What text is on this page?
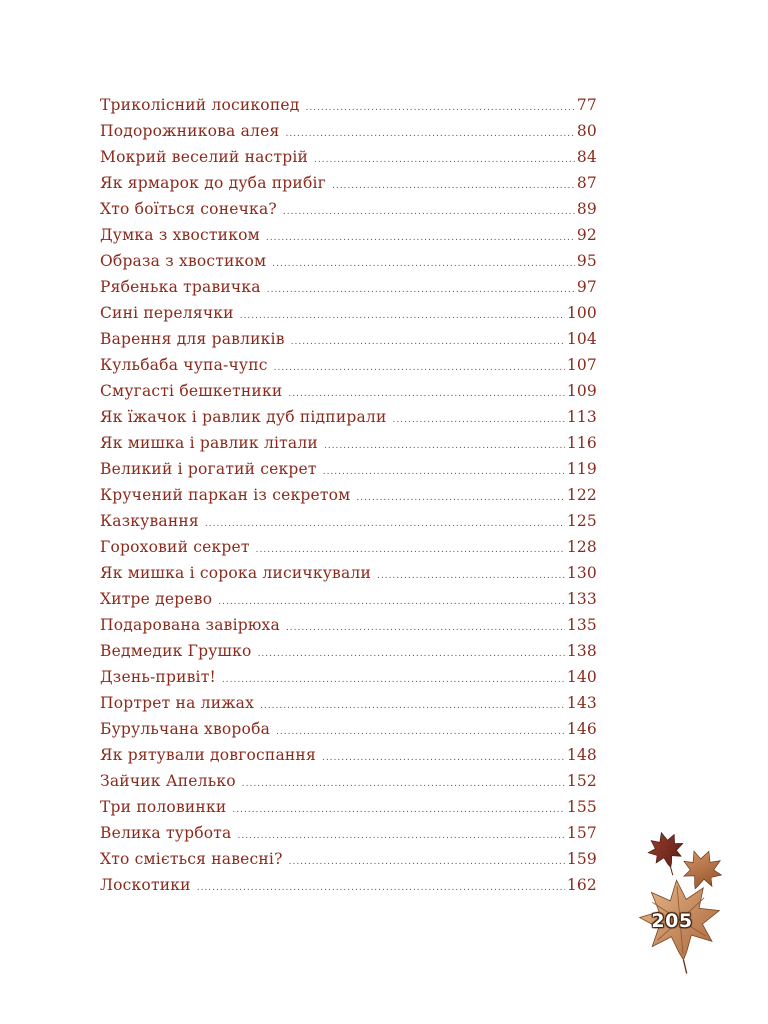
Триколісний лосикопед .....	77
Подорожникова алея .....	80
Мокрий веселий настрій .....	84
Як ярмарок до дуба прибіг .....	87
Хто боїться сонечка? .....	89
Думка з хвостиком .....	92
Образа з хвостиком .....	95
Рябенька травичка .....	97
Сині перелячки .....	100
Варення для равликів .....	104
Кульбаба чупа-чупс .....	107
Смугасті бешкетники .....	109
Як їжачок і равлик дуб підпирали .....	113
Як мишка і равлик літали .....	116
Великий і рогатий секрет .....	119
Кручений паркан із секретом .....	122
Казкування .....	125
Гороховий секрет .....	128
Як мишка і сорока лисичкували .....	130
Хитре дерево .....	133
Подарована завірюха .....	135
Ведмедик Грушко .....	138
Дзень-привіт! .....	140
Портрет на лижах .....	143
Бурульчана хвороба .....	146
Як рятували довгоспання .....	148
Зайчик Апелько .....	152
Три половинки .....	155
Велика турбота .....	157
Хто сміється навесні? .....	159
Лоскотики .....	162
205
